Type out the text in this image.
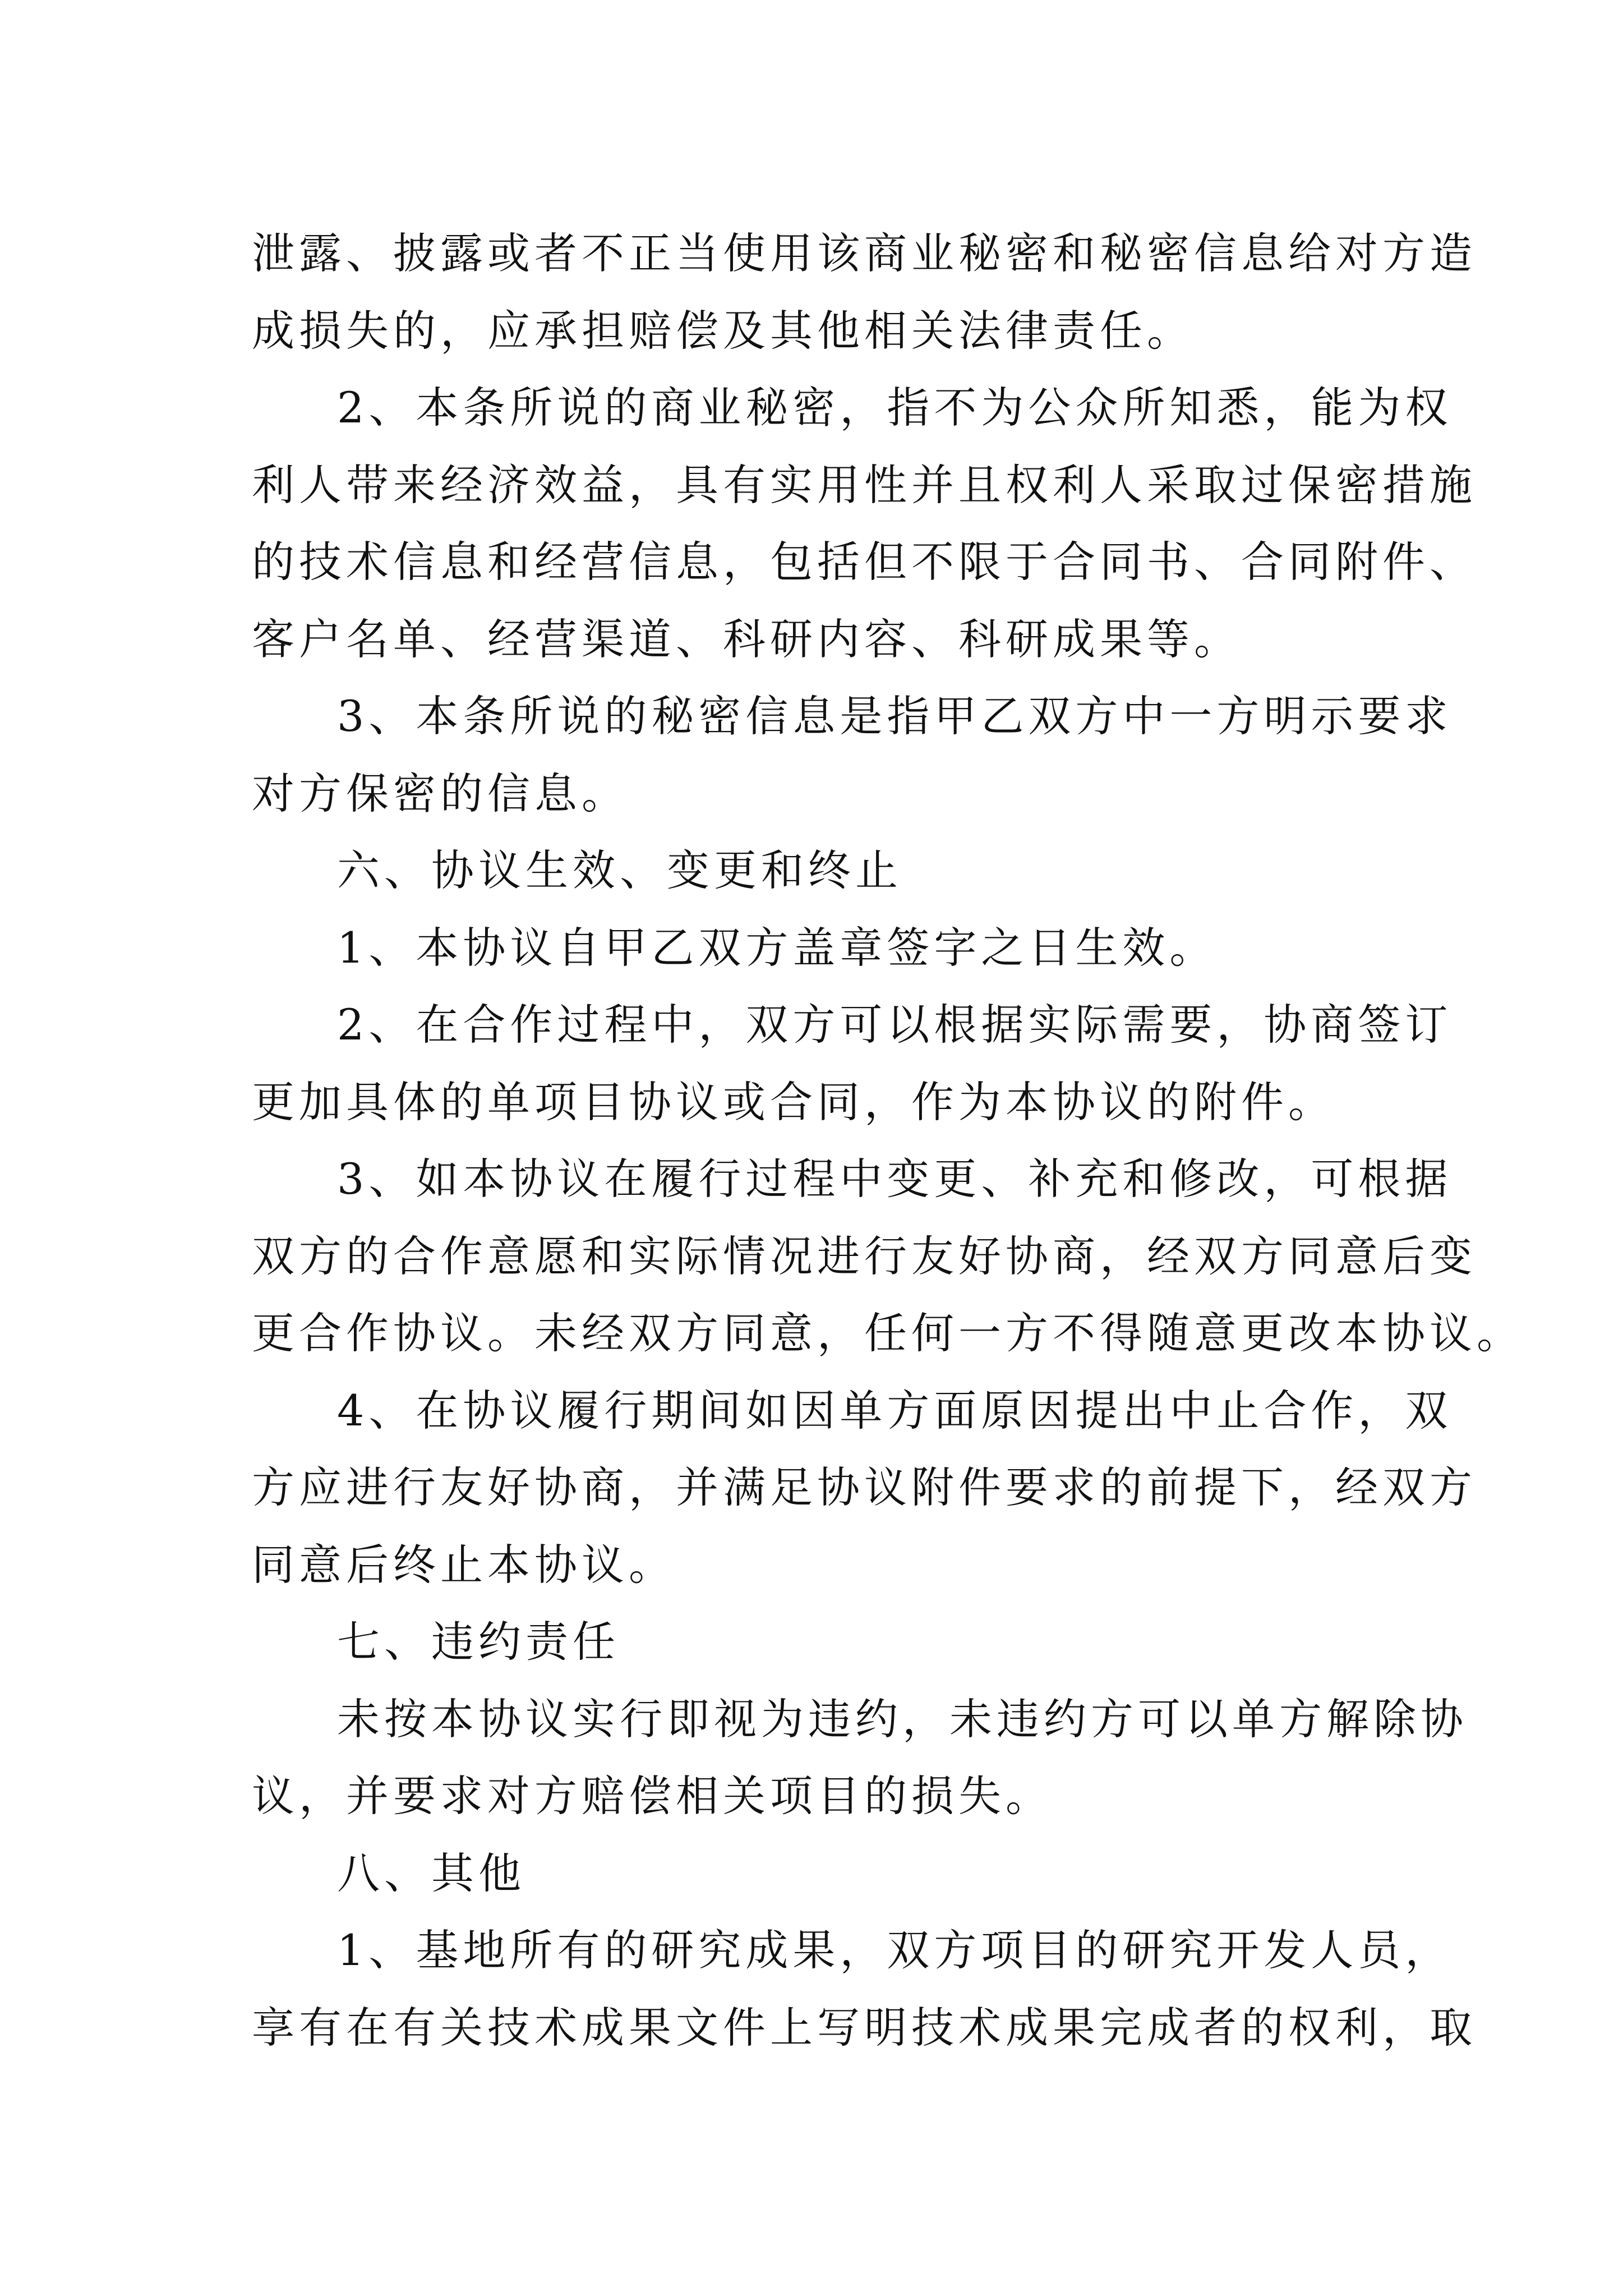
泄露、披露或者不正当使用该商业秘密和秘密信息给对方造
成损失的，应承担赔偿及其他相关法律责任。
2、本条所说的商业秘密，指不为公众所知悉，能为权
利人带来经济效益，具有实用性并且权利人采取过保密措施
的技术信息和经营信息，包括但不限于合同书、合同附件、
客户名单、经营渠道、科研内容、科研成果等。
3、本条所说的秘密信息是指甲乙双方中一方明示要求
对方保密的信息。
六、协议生效、变更和终止
1、本协议自甲乙双方盖章签字之日生效。
2、在合作过程中，双方可以根据实际需要，协商签订
更加具体的单项目协议或合同，作为本协议的附件。
3、如本协议在履行过程中变更、补充和修改，可根据
双方的合作意愿和实际情况进行友好协商，经双方同意后变
更合作协议。未经双方同意，任何一方不得随意更改本协议。
4、在协议履行期间如因单方面原因提出中止合作，双
方应进行友好协商，并满足协议附件要求的前提下，经双方
同意后终止本协议。
七、违约责任
未按本协议实行即视为违约，未违约方可以单方解除协
议，并要求对方赔偿相关项目的损失。
八、其他
1、基地所有的研究成果，双方项目的研究开发人员，
享有在有关技术成果文件上写明技术成果完成者的权利，取
